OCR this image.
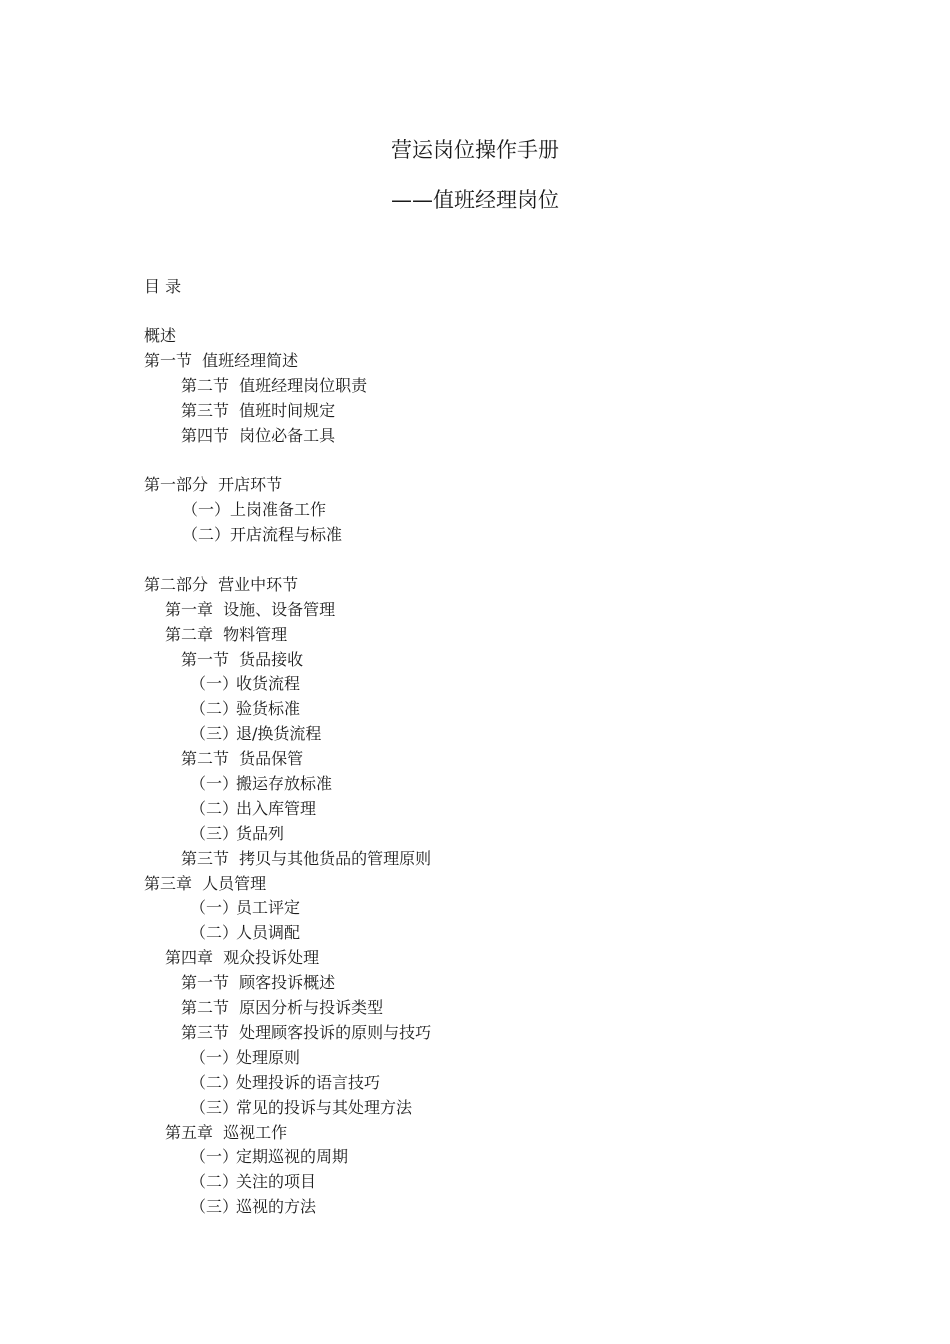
营运岗位操作手册
——值班经理岗位
目 录
概述
第一节  值班经理简述
第二节  值班经理岗位职责
第三节  值班时间规定
第四节  岗位必备工具
第一部分  开店环节
（一）上岗准备工作
（二）开店流程与标准
第二部分  营业中环节
第一章  设施、设备管理
第二章  物料管理
第一节  货品接收
（一）收货流程
（二）验货标准
（三）退/换货流程
第二节  货品保管
（一）搬运存放标准
（二）出入库管理
（三）货品列
第三节  拷贝与其他货品的管理原则
第三章  人员管理
（一）员工评定
（二）人员调配
第四章  观众投诉处理
第一节  顾客投诉概述
第二节  原因分析与投诉类型
第三节  处理顾客投诉的原则与技巧
（一）处理原则
（二）处理投诉的语言技巧
（三）常见的投诉与其处理方法
第五章  巡视工作
（一）定期巡视的周期
（二）关注的项目
（三）巡视的方法
